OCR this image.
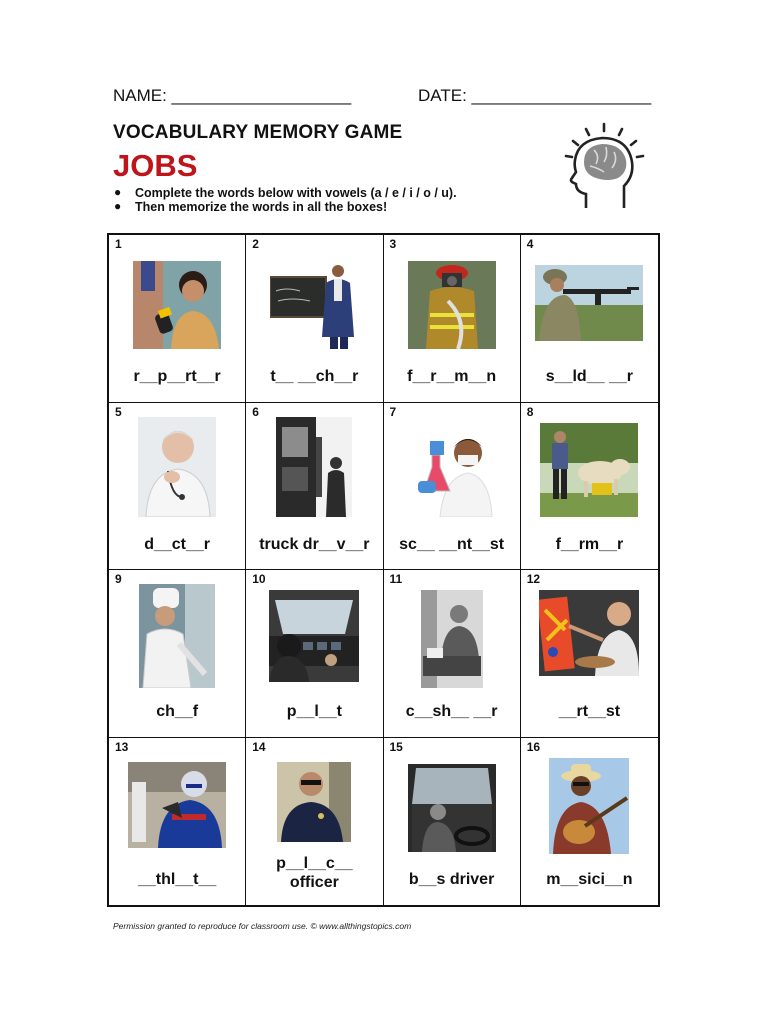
NAME: ___________________	DATE: ___________________
VOCABULARY MEMORY GAME
JOBS
● Complete the words below with vowels (a / e / i / o / u).
● Then memorize the words in all the boxes!
1
r__p__rt__r
2
t__ __ch__r
3
f__r__m__n
4
s__ld__ __r
5
d__ct__r
6
truck dr__v__r
7
sc__ __nt__st
8
f__rm__r
9
ch__f
10
p__l__t
11
c__sh__ __r
12
__rt__st
13
__thl__t__
14
p__l__c__
officer
15
b__s driver
16
m__sici__n
Permission granted to reproduce for classroom use. © www.allthingstopics.com
